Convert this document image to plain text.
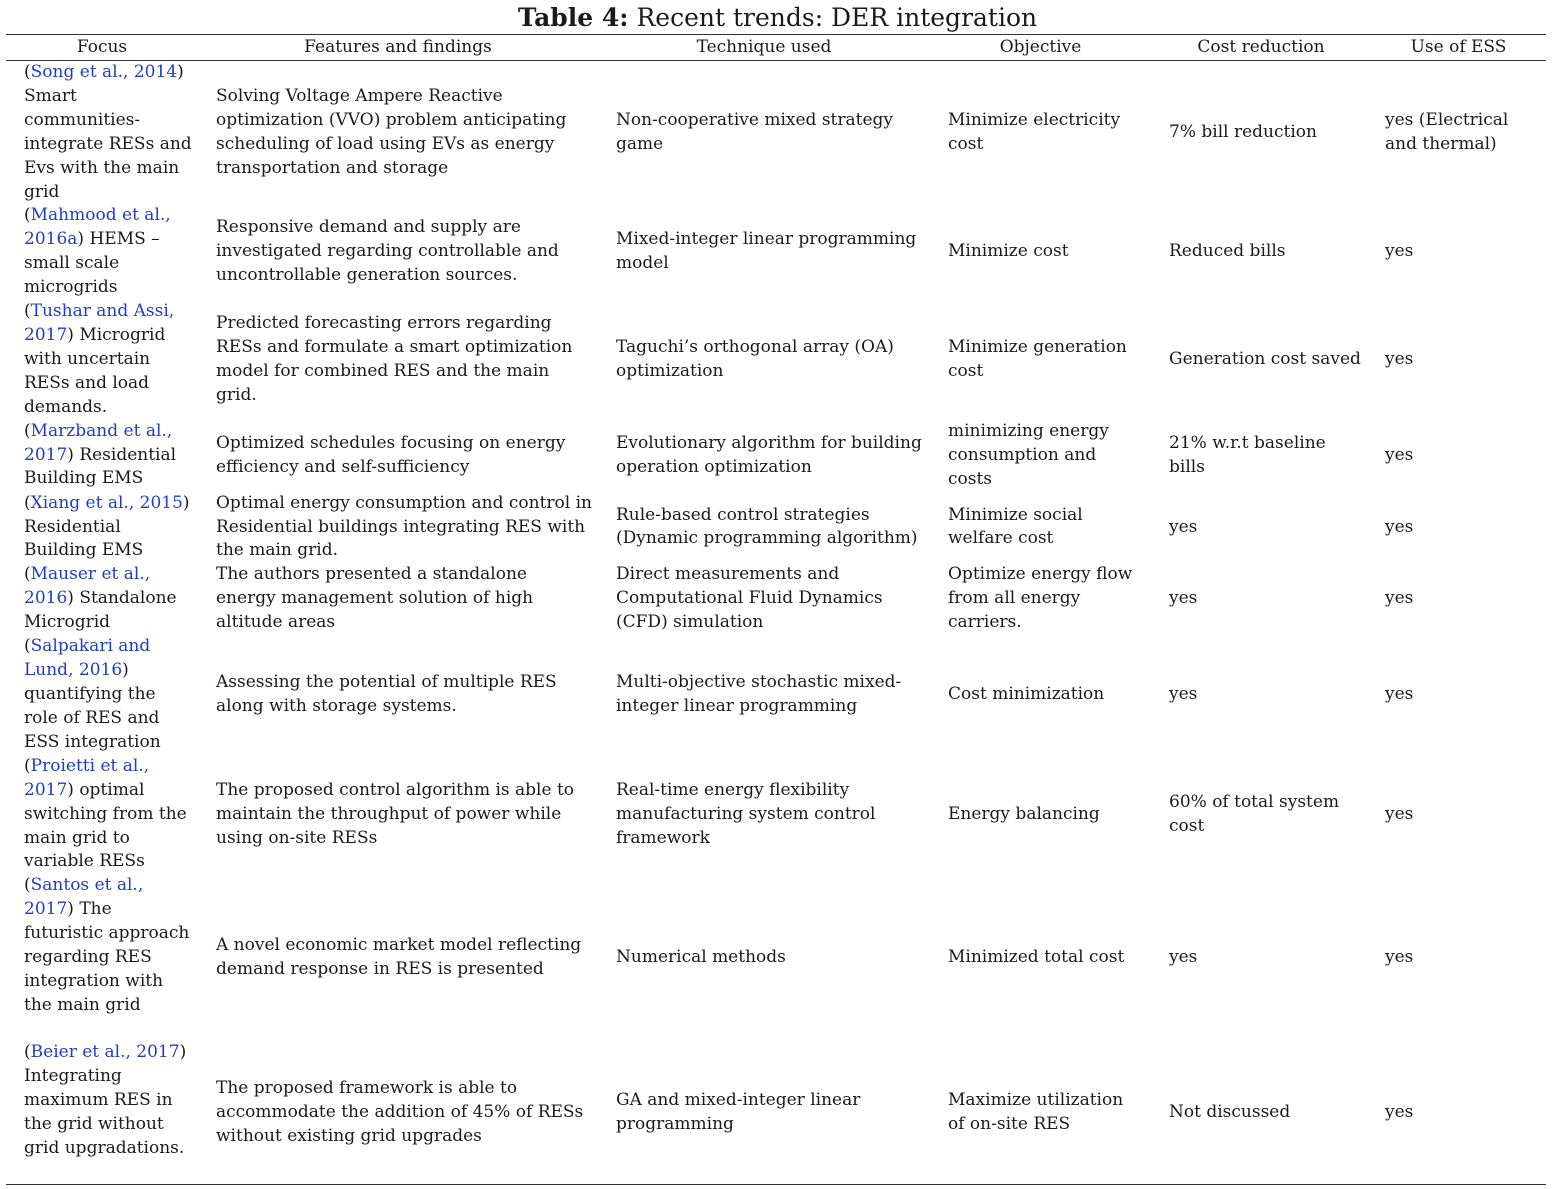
Table 4: Recent trends: DER integration
Focus	Features and findings	Technique used	Objective	Cost reduction	Use of ESS
(Song et al., 2014) Smart communities- integrate RESs and Evs with the main grid	Solving Voltage Ampere Reactive optimization (VVO) problem anticipating scheduling of load using EVs as energy transportation and storage	Non-cooperative mixed strategy game	Minimize electricity cost	7% bill reduction	yes (Electrical and thermal)
(Mahmood et al., 2016a) HEMS – small scale microgrids	Responsive demand and supply are investigated regarding controllable and uncontrollable generation sources.	Mixed-integer linear programming model	Minimize cost	Reduced bills	yes
(Tushar and Assi, 2017) Microgrid with uncertain RESs and load demands.	Predicted forecasting errors regarding RESs and formulate a smart optimization model for combined RES and the main grid.	Taguchi’s orthogonal array (OA) optimization	Minimize generation cost	Generation cost saved	yes
(Marzband et al., 2017) Residential Building EMS	Optimized schedules focusing on energy efficiency and self-sufficiency	Evolutionary algorithm for building operation optimization	minimizing energy consumption and costs	21% w.r.t baseline bills	yes
(Xiang et al., 2015) Residential Building EMS	Optimal energy consumption and control in Residential buildings integrating RES with the main grid.	Rule-based control strategies (Dynamic programming algorithm)	Minimize social welfare cost	yes	yes
(Mauser et al., 2016) Standalone Microgrid	The authors presented a standalone energy management solution of high altitude areas	Direct measurements and Computational Fluid Dynamics (CFD) simulation	Optimize energy flow from all energy carriers.	yes	yes
(Salpakari and Lund, 2016) quantifying the role of RES and ESS integration	Assessing the potential of multiple RES along with storage systems.	Multi-objective stochastic mixed-integer linear programming	Cost minimization	yes	yes
(Proietti et al., 2017) optimal switching from the main grid to variable RESs	The proposed control algorithm is able to maintain the throughput of power while using on-site RESs	Real-time energy flexibility manufacturing system control framework	Energy balancing	60% of total system cost	yes
(Santos et al., 2017) The futuristic approach regarding RES integration with the main grid	A novel economic market model reflecting demand response in RES is presented	Numerical methods	Minimized total cost	yes	yes
(Beier et al., 2017) Integrating maximum RES in the grid without grid upgradations.	The proposed framework is able to accommodate the addition of 45% of RESs without existing grid upgrades	GA and mixed-integer linear programming	Maximize utilization of on-site RES	Not discussed	yes
